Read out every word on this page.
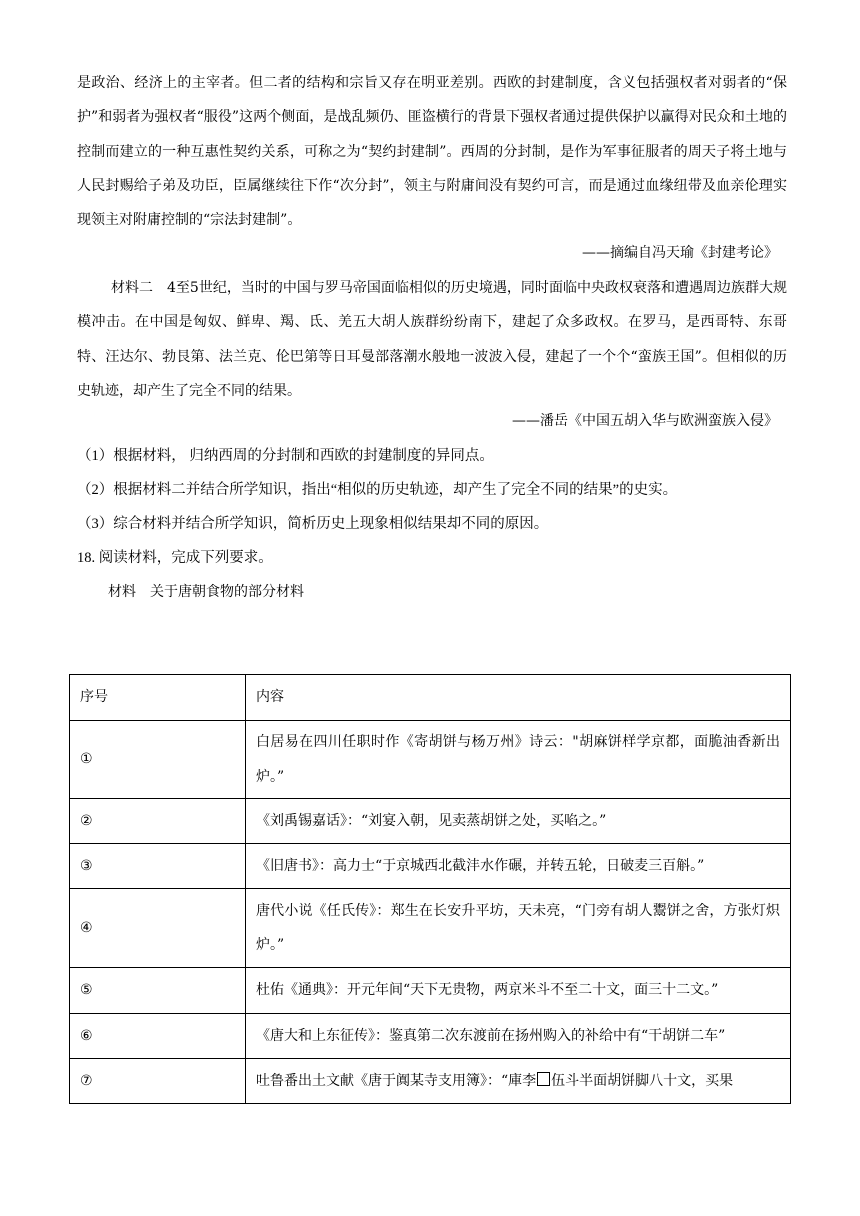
是政治、经济上的主宰者。但二者的结构和宗旨又存在明亚差别。西欧的封建制度，含义包括强权者对弱者的“保护”和弱者为强权者“服役”这两个侧面，是战乱频仍、匪盗横行的背景下强权者通过提供保护以赢得对民众和土地的控制而建立的一种互惠性契约关系，可称之为“契约封建制”。西周的分封制，是作为军事征服者的周天子将土地与人民封赐给子弟及功臣，臣属继续往下作“次分封”，领主与附庸间没有契约可言，而是通过血缘纽带及血亲伦理实现领主对附庸控制的“宗法封建制”。

——摘编自冯天瑜《封建考论》

材料二　4至5世纪，当时的中国与罗马帝国面临相似的历史境遇，同时面临中央政权衰落和遭遇周边族群大规模冲击。在中国是匈奴、鲜卑、羯、氐、羌五大胡人族群纷纷南下，建起了众多政权。在罗马，是西哥特、东哥特、汪达尔、勃艮第、法兰克、伦巴第等日耳曼部落潮水般地一波波入侵，建起了一个个“蛮族王国”。但相似的历史轨迹，却产生了完全不同的结果。

——潘岳《中国五胡入华与欧洲蛮族入侵》

（1）根据材料， 归纳西周的分封制和西欧的封建制度的异同点。

（2）根据材料二并结合所学知识，指出“相似的历史轨迹，却产生了完全不同的结果”的史实。

（3）综合材料并结合所学知识，简析历史上现象相似结果却不同的原因。

18. 阅读材料，完成下列要求。

材料　关于唐朝食物的部分材料

序号	内容
①	白居易在四川任职时作《寄胡饼与杨万州》诗云："胡麻饼样学京都，面脆油香新出炉。”
②	《刘禹锡嘉话》：“刘宴入朝，见卖蒸胡饼之处，买啗之。”
③	《旧唐书》：高力士“于京城西北截沣水作碾，并转五轮，日破麦三百斛。”
④	唐代小说《任氏传》：郑生在长安升平坊，天未亮，“门旁有胡人鬻饼之舍，方张灯炽炉。”
⑤	杜佑《通典》：开元年间“天下无贵物，两京米斗不至二十文，面三十二文。”
⑥	《唐大和上东征传》：鉴真第二次东渡前在扬州购入的补给中有“干胡饼二车”
⑦	吐鲁番出土文献《唐于阗某寺支用簿》：“庫李 伍斗半面胡饼脚八十文，买果
